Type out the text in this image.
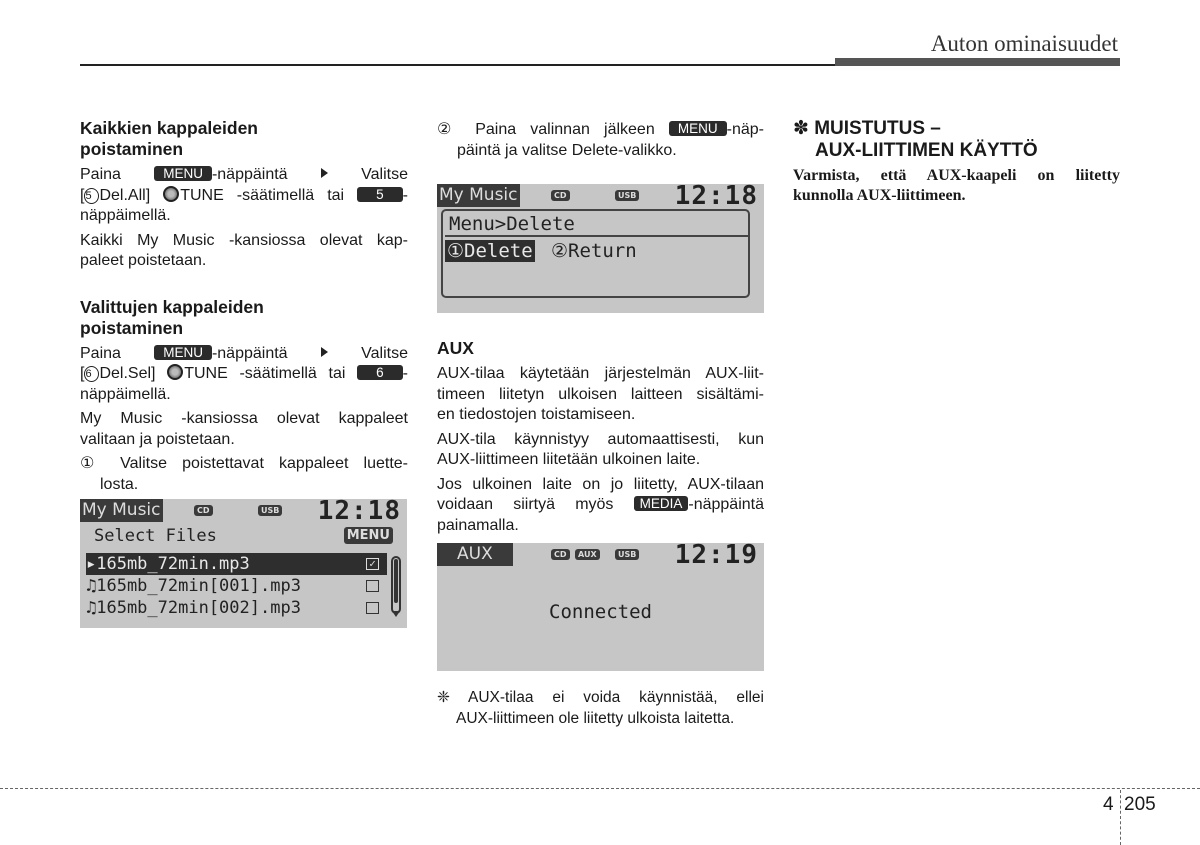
Auton ominaisuudet
Kaikkien kappaleiden
poistaminen
Paina	MENU -näppäintä	Valitse
[5 Del.All] TUNE -säätimellä tai 5 -
näppäimellä.
Kaikki My Music -kansiossa olevat kap-
paleet poistetaan.
Valittujen kappaleiden
poistaminen
Paina	MENU -näppäintä	Valitse
[6 Del.Sel] TUNE -säätimellä tai 6 -
näppäimellä.
My Music -kansiossa olevat kappaleet
valitaan ja poistetaan.
① Valitse poistettavat kappaleet luette-
losta.
My Music	CD	USB 12:18
Select Files	MENU
▸165mb_72min.mp3	✓
♫165mb_72min[001].mp3
♫165mb_72min[002].mp3
② Paina valinnan jälkeen MENU -näp-
päintä ja valitse Delete-valikko.
My Music	CD	USB 12:18
Menu>Delete
①Delete ②Return
AUX
AUX-tilaa käytetään järjestelmän AUX-liit-
timeen liitetyn ulkoisen laitteen sisältämi-
en tiedostojen toistamiseen.
AUX-tila käynnistyy automaattisesti, kun
AUX-liittimeen liitetään ulkoinen laite.
Jos ulkoinen laite on jo liitetty, AUX-tilaan
voidaan siirtyä myös MEDIA -näppäintä
painamalla.
AUX	CD	AUX	USB 12:19
Connected
❈ AUX-tilaa ei voida käynnistää, ellei
AUX-liittimeen ole liitetty ulkoista laitetta.
✽ MUISTUTUS –
AUX-LIITTIMEN KÄYTTÖ
Varmista, että AUX-kaapeli on liitetty
kunnolla AUX-liittimeen.
4 205
